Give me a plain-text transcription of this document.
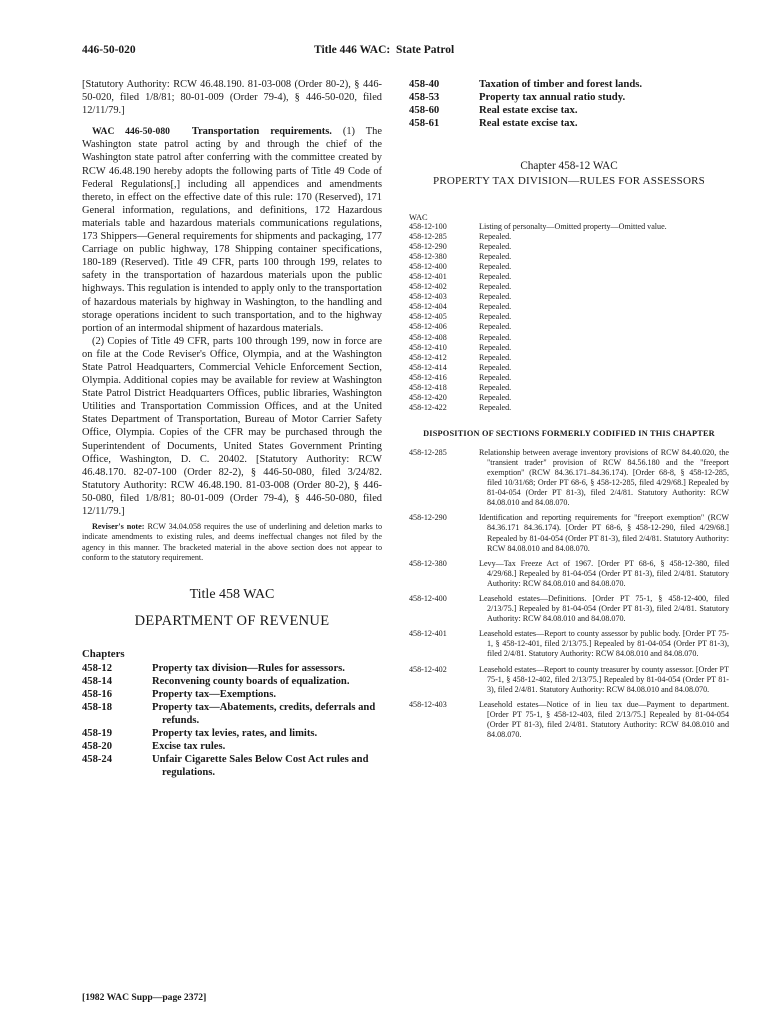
446-50-020	Title 446 WAC: State Patrol

[Statutory Authority: RCW 46.48.190. 81-03-008 (Order 80-2), § 446-50-020, filed 1/8/81; 80-01-009 (Order 79-4), § 446-50-020, filed 12/11/79.]

WAC 446-50-080 Transportation requirements. (1) The Washington state patrol acting by and through the chief of the Washington state patrol after conferring with the committee created by RCW 46.48.190 hereby adopts the following parts of Title 49 Code of Federal Regulations[,] including all appendices and amendments thereto, in effect on the effective date of this rule: 170 (Reserved), 171 General information, regulations, and definitions, 172 Hazardous materials table and hazardous materials communications regulations, 173 Shippers—General requirements for shipments and packaging, 177 Carriage on public highway, 178 Shipping container specifications, 180-189 (Reserved). Title 49 CFR, parts 100 through 199, relates to safety in the transportation of hazardous materials upon the public highways. This regulation is intended to apply only to the transportation of hazardous materials by highway in Washington, to the handling and storage operations incident to such transportation, and to the highway portion of an intermodal shipment of hazardous materials.

(2) Copies of Title 49 CFR, parts 100 through 199, now in force are on file at the Code Reviser's Office, Olympia, and at the Washington State Patrol Headquarters, Commercial Vehicle Enforcement Section, Olympia. Additional copies may be available for review at Washington State Patrol District Headquarters Offices, public libraries, Washington Utilities and Transportation Commission Offices, and at the United States Department of Transportation, Bureau of Motor Carrier Safety Office, Olympia. Copies of the CFR may be purchased through the Superintendent of Documents, United States Government Printing Office, Washington, D. C. 20402. [Statutory Authority: RCW 46.48.170. 82-07-100 (Order 82-2), § 446-50-080, filed 3/24/82. Statutory Authority: RCW 46.48.190. 81-03-008 (Order 80-2), § 446-50-080, filed 1/8/81; 80-01-009 (Order 79-4), § 446-50-080, filed 12/11/79.]

Reviser's note: RCW 34.04.058 requires the use of underlining and deletion marks to indicate amendments to existing rules, and deems ineffectual changes not filed by the agency in this manner. The bracketed material in the above section does not appear to conform to the statutory requirement.

Title 458 WAC
DEPARTMENT OF REVENUE
Chapters
458-12	Property tax division—Rules for assessors.
458-14	Reconvening county boards of equalization.
458-16	Property tax—Exemptions.
458-18	Property tax—Abatements, credits, deferrals and refunds.
458-19	Property tax levies, rates, and limits.
458-20	Excise tax rules.
458-24	Unfair Cigarette Sales Below Cost Act rules and regulations.
[1982 WAC Supp—page 2372]
458-40	Taxation of timber and forest lands.
458-53	Property tax annual ratio study.
458-60	Real estate excise tax.
458-61	Real estate excise tax.
Chapter 458-12 WAC
PROPERTY TAX DIVISION—RULES FOR ASSESSORS
WAC
458-12-100	Listing of personalty—Omitted property—Omitted value.
458-12-285	Repealed.
458-12-290	Repealed.
458-12-380	Repealed.
458-12-400	Repealed.
458-12-401	Repealed.
458-12-402	Repealed.
458-12-403	Repealed.
458-12-404	Repealed.
458-12-405	Repealed.
458-12-406	Repealed.
458-12-408	Repealed.
458-12-410	Repealed.
458-12-412	Repealed.
458-12-414	Repealed.
458-12-416	Repealed.
458-12-418	Repealed.
458-12-420	Repealed.
458-12-422	Repealed.
DISPOSITION OF SECTIONS FORMERLY CODIFIED IN THIS CHAPTER
458-12-285	Relationship between average inventory provisions of RCW 84.40.020, the "transient trader" provision of RCW 84.56.180 and the "freeport exemption" (RCW 84.36.171–84.36.174). [Order 68-8, § 458-12-285, filed 10/31/68; Order PT 68-6, § 458-12-285, filed 4/29/68.] Repealed by 81-04-054 (Order PT 81-3), filed 2/4/81. Statutory Authority: RCW 84.08.010 and 84.08.070.
458-12-290	Identification and reporting requirements for "freeport exemption" (RCW 84.36.171 84.36.174). [Order PT 68-6, § 458-12-290, filed 4/29/68.] Repealed by 81-04-054 (Order PT 81-3), filed 2/4/81. Statutory Authority: RCW 84.08.010 and 84.08.070.
458-12-380	Levy—Tax Freeze Act of 1967. [Order PT 68-6, § 458-12-380, filed 4/29/68.] Repealed by 81-04-054 (Order PT 81-3), filed 2/4/81. Statutory Authority: RCW 84.08.010 and 84.08.070.
458-12-400	Leasehold estates—Definitions. [Order PT 75-1, § 458-12-400, filed 2/13/75.] Repealed by 81-04-054 (Order PT 81-3), filed 2/4/81. Statutory Authority: RCW 84.08.010 and 84.08.070.
458-12-401	Leasehold estates—Report to county assessor by public body. [Order PT 75-1, § 458-12-401, filed 2/13/75.] Repealed by 81-04-054 (Order PT 81-3), filed 2/4/81. Statutory Authority: RCW 84.08.010 and 84.08.070.
458-12-402	Leasehold estates—Report to county treasurer by county assessor. [Order PT 75-1, § 458-12-402, filed 2/13/75.] Repealed by 81-04-054 (Order PT 81-3), filed 2/4/81. Statutory Authority: RCW 84.08.010 and 84.08.070.
458-12-403	Leasehold estates—Notice of in lieu tax due—Payment to department. [Order PT 75-1, § 458-12-403, filed 2/13/75.] Repealed by 81-04-054 (Order PT 81-3), filed 2/4/81. Statutory Authority: RCW 84.08.010 and 84.08.070.
